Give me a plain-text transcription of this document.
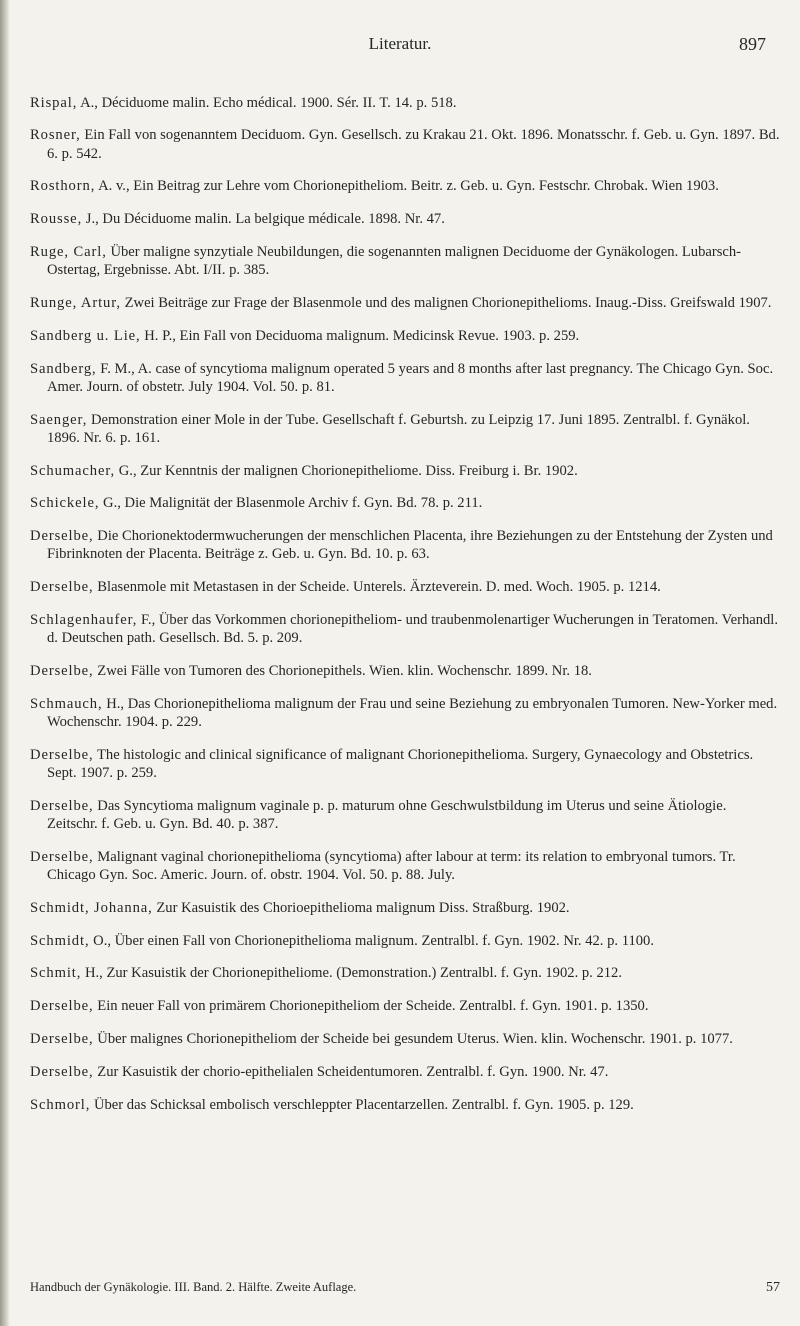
Literatur.	897

Rispal, A., Déciduome malin. Echo médical. 1900. Sér. II. T. 14. p. 518.

Rosner, Ein Fall von sogenanntem Deciduom. Gyn. Gesellsch. zu Krakau 21. Okt. 1896. Monatsschr. f. Geb. u. Gyn. 1897. Bd. 6. p. 542.

Rosthorn, A. v., Ein Beitrag zur Lehre vom Chorionepitheliom. Beitr. z. Geb. u. Gyn. Festschr. Chrobak. Wien 1903.

Rousse, J., Du Déciduome malin. La belgique médicale. 1898. Nr. 47.

Ruge, Carl, Über maligne synzytiale Neubildungen, die sogenannten malignen Deciduome der Gynäkologen. Lubarsch-Ostertag, Ergebnisse. Abt. I/II. p. 385.

Runge, Artur, Zwei Beiträge zur Frage der Blasenmole und des malignen Chorionepithelioms. Inaug.-Diss. Greifswald 1907.

Sandberg u. Lie, H. P., Ein Fall von Deciduoma malignum. Medicinsk Revue. 1903. p. 259.

Sandberg, F. M., A. case of syncytioma malignum operated 5 years and 8 months after last pregnancy. The Chicago Gyn. Soc. Amer. Journ. of obstetr. July 1904. Vol. 50. p. 81.

Saenger, Demonstration einer Mole in der Tube. Gesellschaft f. Geburtsh. zu Leipzig 17. Juni 1895. Zentralbl. f. Gynäkol. 1896. Nr. 6. p. 161.

Schumacher, G., Zur Kenntnis der malignen Chorionepitheliome. Diss. Freiburg i. Br. 1902.

Schickele, G., Die Malignität der Blasenmole Archiv f. Gyn. Bd. 78. p. 211.

Derselbe, Die Chorionektodermwucherungen der menschlichen Placenta, ihre Beziehungen zu der Entstehung der Zysten und Fibrinknoten der Placenta. Beiträge z. Geb. u. Gyn. Bd. 10. p. 63.

Derselbe, Blasenmole mit Metastasen in der Scheide. Unterels. Ärzteverein. D. med. Woch. 1905. p. 1214.

Schlagenhaufer, F., Über das Vorkommen chorionepitheliom- und traubenmolenartiger Wucherungen in Teratomen. Verhandl. d. Deutschen path. Gesellsch. Bd. 5. p. 209.

Derselbe, Zwei Fälle von Tumoren des Chorionepithels. Wien. klin. Wochenschr. 1899. Nr. 18.

Schmauch, H., Das Chorionepithelioma malignum der Frau und seine Beziehung zu embryonalen Tumoren. New-Yorker med. Wochenschr. 1904. p. 229.

Derselbe, The histologic and clinical significance of malignant Chorionepithelioma. Surgery, Gynaecology and Obstetrics. Sept. 1907. p. 259.

Derselbe, Das Syncytioma malignum vaginale p. p. maturum ohne Geschwulstbildung im Uterus und seine Ätiologie. Zeitschr. f. Geb. u. Gyn. Bd. 40. p. 387.

Derselbe, Malignant vaginal chorionepithelioma (syncytioma) after labour at term: its relation to embryonal tumors. Tr. Chicago Gyn. Soc. Americ. Journ. of. obstr. 1904. Vol. 50. p. 88. July.

Schmidt, Johanna, Zur Kasuistik des Chorioepithelioma malignum Diss. Straßburg. 1902.

Schmidt, O., Über einen Fall von Chorionepithelioma malignum. Zentralbl. f. Gyn. 1902. Nr. 42. p. 1100.

Schmit, H., Zur Kasuistik der Chorionepitheliome. (Demonstration.) Zentralbl. f. Gyn. 1902. p. 212.

Derselbe, Ein neuer Fall von primärem Chorionepitheliom der Scheide. Zentralbl. f. Gyn. 1901. p. 1350.

Derselbe, Über malignes Chorionepitheliom der Scheide bei gesundem Uterus. Wien. klin. Wochenschr. 1901. p. 1077.

Derselbe, Zur Kasuistik der chorio-epithelialen Scheidentumoren. Zentralbl. f. Gyn. 1900. Nr. 47.

Schmorl, Über das Schicksal embolisch verschleppter Placentarzellen. Zentralbl. f. Gyn. 1905. p. 129.

Handbuch der Gynäkologie. III. Band. 2. Hälfte. Zweite Auflage.	57
